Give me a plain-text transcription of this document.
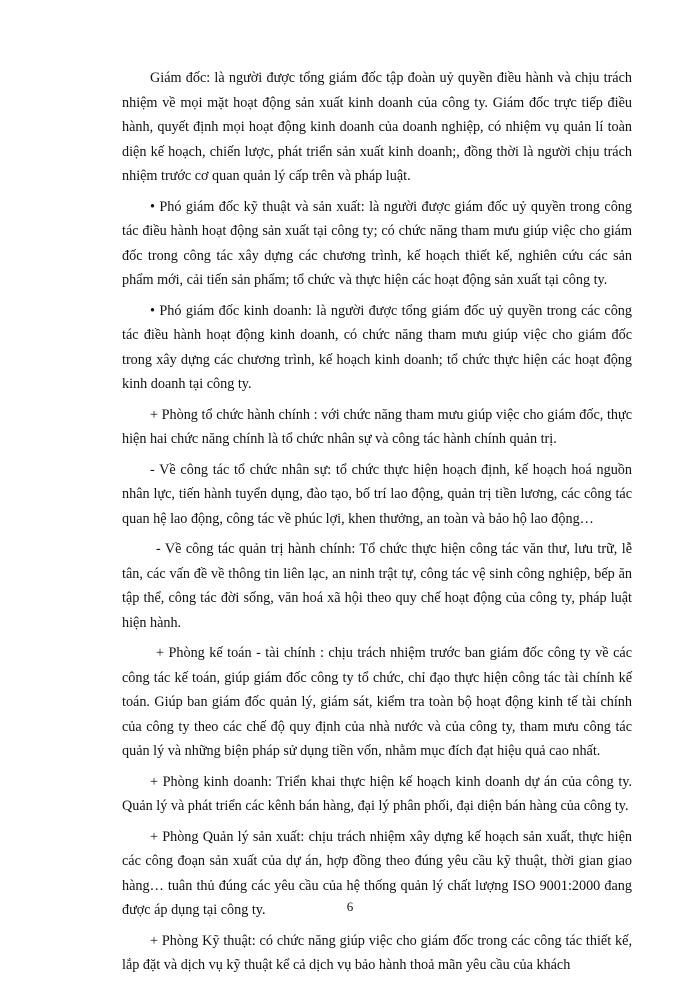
Giám đốc: là người được tổng giám đốc tập đoàn uỷ quyền điều hành và chịu trách nhiệm về mọi mặt hoạt động sản xuất kinh doanh của công ty. Giám đốc trực tiếp điều hành, quyết định mọi hoạt động kinh doanh của doanh nghiệp, có nhiệm vụ quản lí toàn diện kế hoạch, chiến lược, phát triển sản xuất kinh doanh;, đồng thời là người chịu trách nhiệm trước cơ quan quản lý cấp trên và pháp luật.

• Phó giám đốc kỹ thuật và sản xuất: là người được giám đốc uỷ quyền trong công tác điều hành hoạt động sản xuất tại công ty; có chức năng tham mưu giúp việc cho giám đốc trong công tác xây dựng các chương trình, kế hoạch thiết kế, nghiên cứu các sản phẩm mới, cải tiến sản phẩm; tổ chức và thực hiện các hoạt động sản xuất tại công ty.

• Phó giám đốc kinh doanh: là người được tổng giám đốc uỷ quyền trong các công tác điều hành hoạt động kinh doanh, có chức năng tham mưu giúp việc cho giám đốc trong xây dựng các chương trình, kế hoạch kinh doanh; tổ chức thực hiện các hoạt động kinh doanh tại công ty.

+ Phòng tổ chức hành chính : với chức năng tham mưu giúp việc cho giám đốc, thực hiện hai chức năng chính là tổ chức nhân sự và công tác hành chính quản trị.

- Về công tác tổ chức nhân sự: tổ chức thực hiện hoạch định, kế hoạch hoá nguồn nhân lực, tiến hành tuyển dụng, đào tạo, bố trí lao động, quản trị tiền lương, các công tác quan hệ lao động, công tác về phúc lợi, khen thưởng, an toàn và bảo hộ lao động…

- Về công tác quản trị hành chính: Tổ chức thực hiện công tác văn thư, lưu trữ, lễ tân, các vấn đề về thông tin liên lạc, an ninh trật tự, công tác vệ sinh công nghiệp, bếp ăn tập thể, công tác đời sống, văn hoá xã hội theo quy chế hoạt động của công ty, pháp luật hiện hành.

+ Phòng kế toán - tài chính : chịu trách nhiệm trước ban giám đốc công ty về các công tác kế toán, giúp giám đốc công ty tổ chức, chỉ đạo thực hiện công tác tài chính kế toán. Giúp ban giám đốc quản lý, giám sát, kiểm tra toàn bộ hoạt động kinh tế tài chính của công ty theo các chế độ quy định của nhà nước và của công ty, tham mưu công tác quản lý và những biện pháp sử dụng tiền vốn, nhằm mục đích đạt hiệu quả cao nhất.

+ Phòng kinh doanh: Triển khai thực hiện kế hoạch kinh doanh dự án của công ty. Quản lý và phát triển các kênh bán hàng, đại lý phân phối, đại diện bán hàng của công ty.

+ Phòng Quản lý sản xuất: chịu trách nhiệm xây dựng kế hoạch sản xuất, thực hiện các công đoạn sản xuất của dự án, hợp đồng theo đúng yêu cầu kỹ thuật, thời gian giao hàng… tuân thủ đúng các yêu cầu của hệ thống quản lý chất lượng ISO 9001:2000 đang được áp dụng tại công ty.

+ Phòng Kỹ thuật: có chức năng giúp việc cho giám đốc trong các công tác thiết kế, lắp đặt và dịch vụ kỹ thuật kể cả dịch vụ bảo hành thoả mãn yêu cầu của khách

6
